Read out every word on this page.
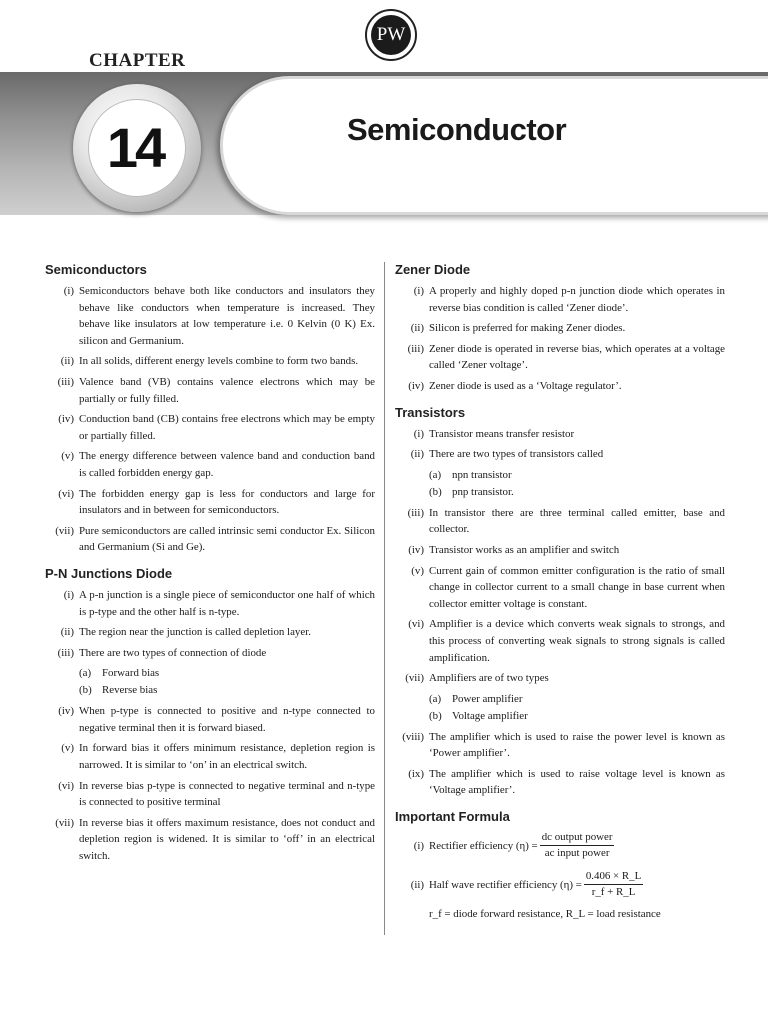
PW
CHAPTER
Semiconductor
14
Semiconductors
(i) Semiconductors behave both like conductors and insulators they behave like conductors when temperature is increased. They behave like insulators at low temperature i.e. 0 Kelvin (0 K) Ex. silicon and Germanium.
(ii) In all solids, different energy levels combine to form two bands.
(iii) Valence band (VB) contains valence electrons which may be partially or fully filled.
(iv) Conduction band (CB) contains free electrons which may be empty or partially filled.
(v) The energy difference between valence band and conduction band is called forbidden energy gap.
(vi) The forbidden energy gap is less for conductors and large for insulators and in between for semiconductors.
(vii) Pure semiconductors are called intrinsic semi conductor Ex. Silicon and Germanium (Si and Ge).
P-N Junctions Diode
(i) A p-n junction is a single piece of semiconductor one half of which is p-type and the other half is n-type.
(ii) The region near the junction is called depletion layer.
(iii) There are two types of connection of diode
(a)	Forward bias
(b) Reverse bias
(iv) When p-type is connected to positive and n-type connected to negative terminal then it is forward biased.
(v) In forward bias it offers minimum resistance, depletion region is narrowed. It is similar to ‘on’ in an electrical switch.
(vi) In reverse bias p-type is connected to negative terminal and n-type is connected to positive terminal
(vii) In reverse bias it offers maximum resistance, does not conduct and depletion region is widened. It is similar to ‘off’ in an electrical switch.
Zener Diode
(i) A properly and highly doped p-n junction diode which operates in reverse bias condition is called ‘Zener diode’.
(ii) Silicon is preferred for making Zener diodes.
(iii) Zener diode is operated in reverse bias, which operates at a voltage called ‘Zener voltage’.
(iv) Zener diode is used as a ‘Voltage regulator’.
Transistors
(i) Transistor means transfer resistor
(ii) There are two types of transistors called
(a)	npn transistor
(b) pnp transistor.
(iii) In transistor there are three terminal called emitter, base and collector.
(iv) Transistor works as an amplifier and switch
(v) Current gain of common emitter configuration is the ratio of small change in collector current to a small change in base current when collector emitter voltage is constant.
(vi) Amplifier is a device which converts weak signals to strongs, and this process of converting weak signals to strong signals is called amplification.
(vii) Amplifiers are of two types
(a)	Power amplifier
(b) Voltage amplifier
(viii) The amplifier which is used to raise the power level is known as ‘Power amplifier’.
(ix) The amplifier which is used to raise voltage level is known as ‘Voltage amplifier’.
Important Formula
(i) Rectifier efficiency $(\eta) = \frac{\text{dc output power}}{\text{ac input power}}$
(ii) Half wave rectifier efficiency $(\eta) = \frac{0.406 \times R\_L}{r\_f + R\_L}$
r_f = diode forward resistance, R_L = load resistance
